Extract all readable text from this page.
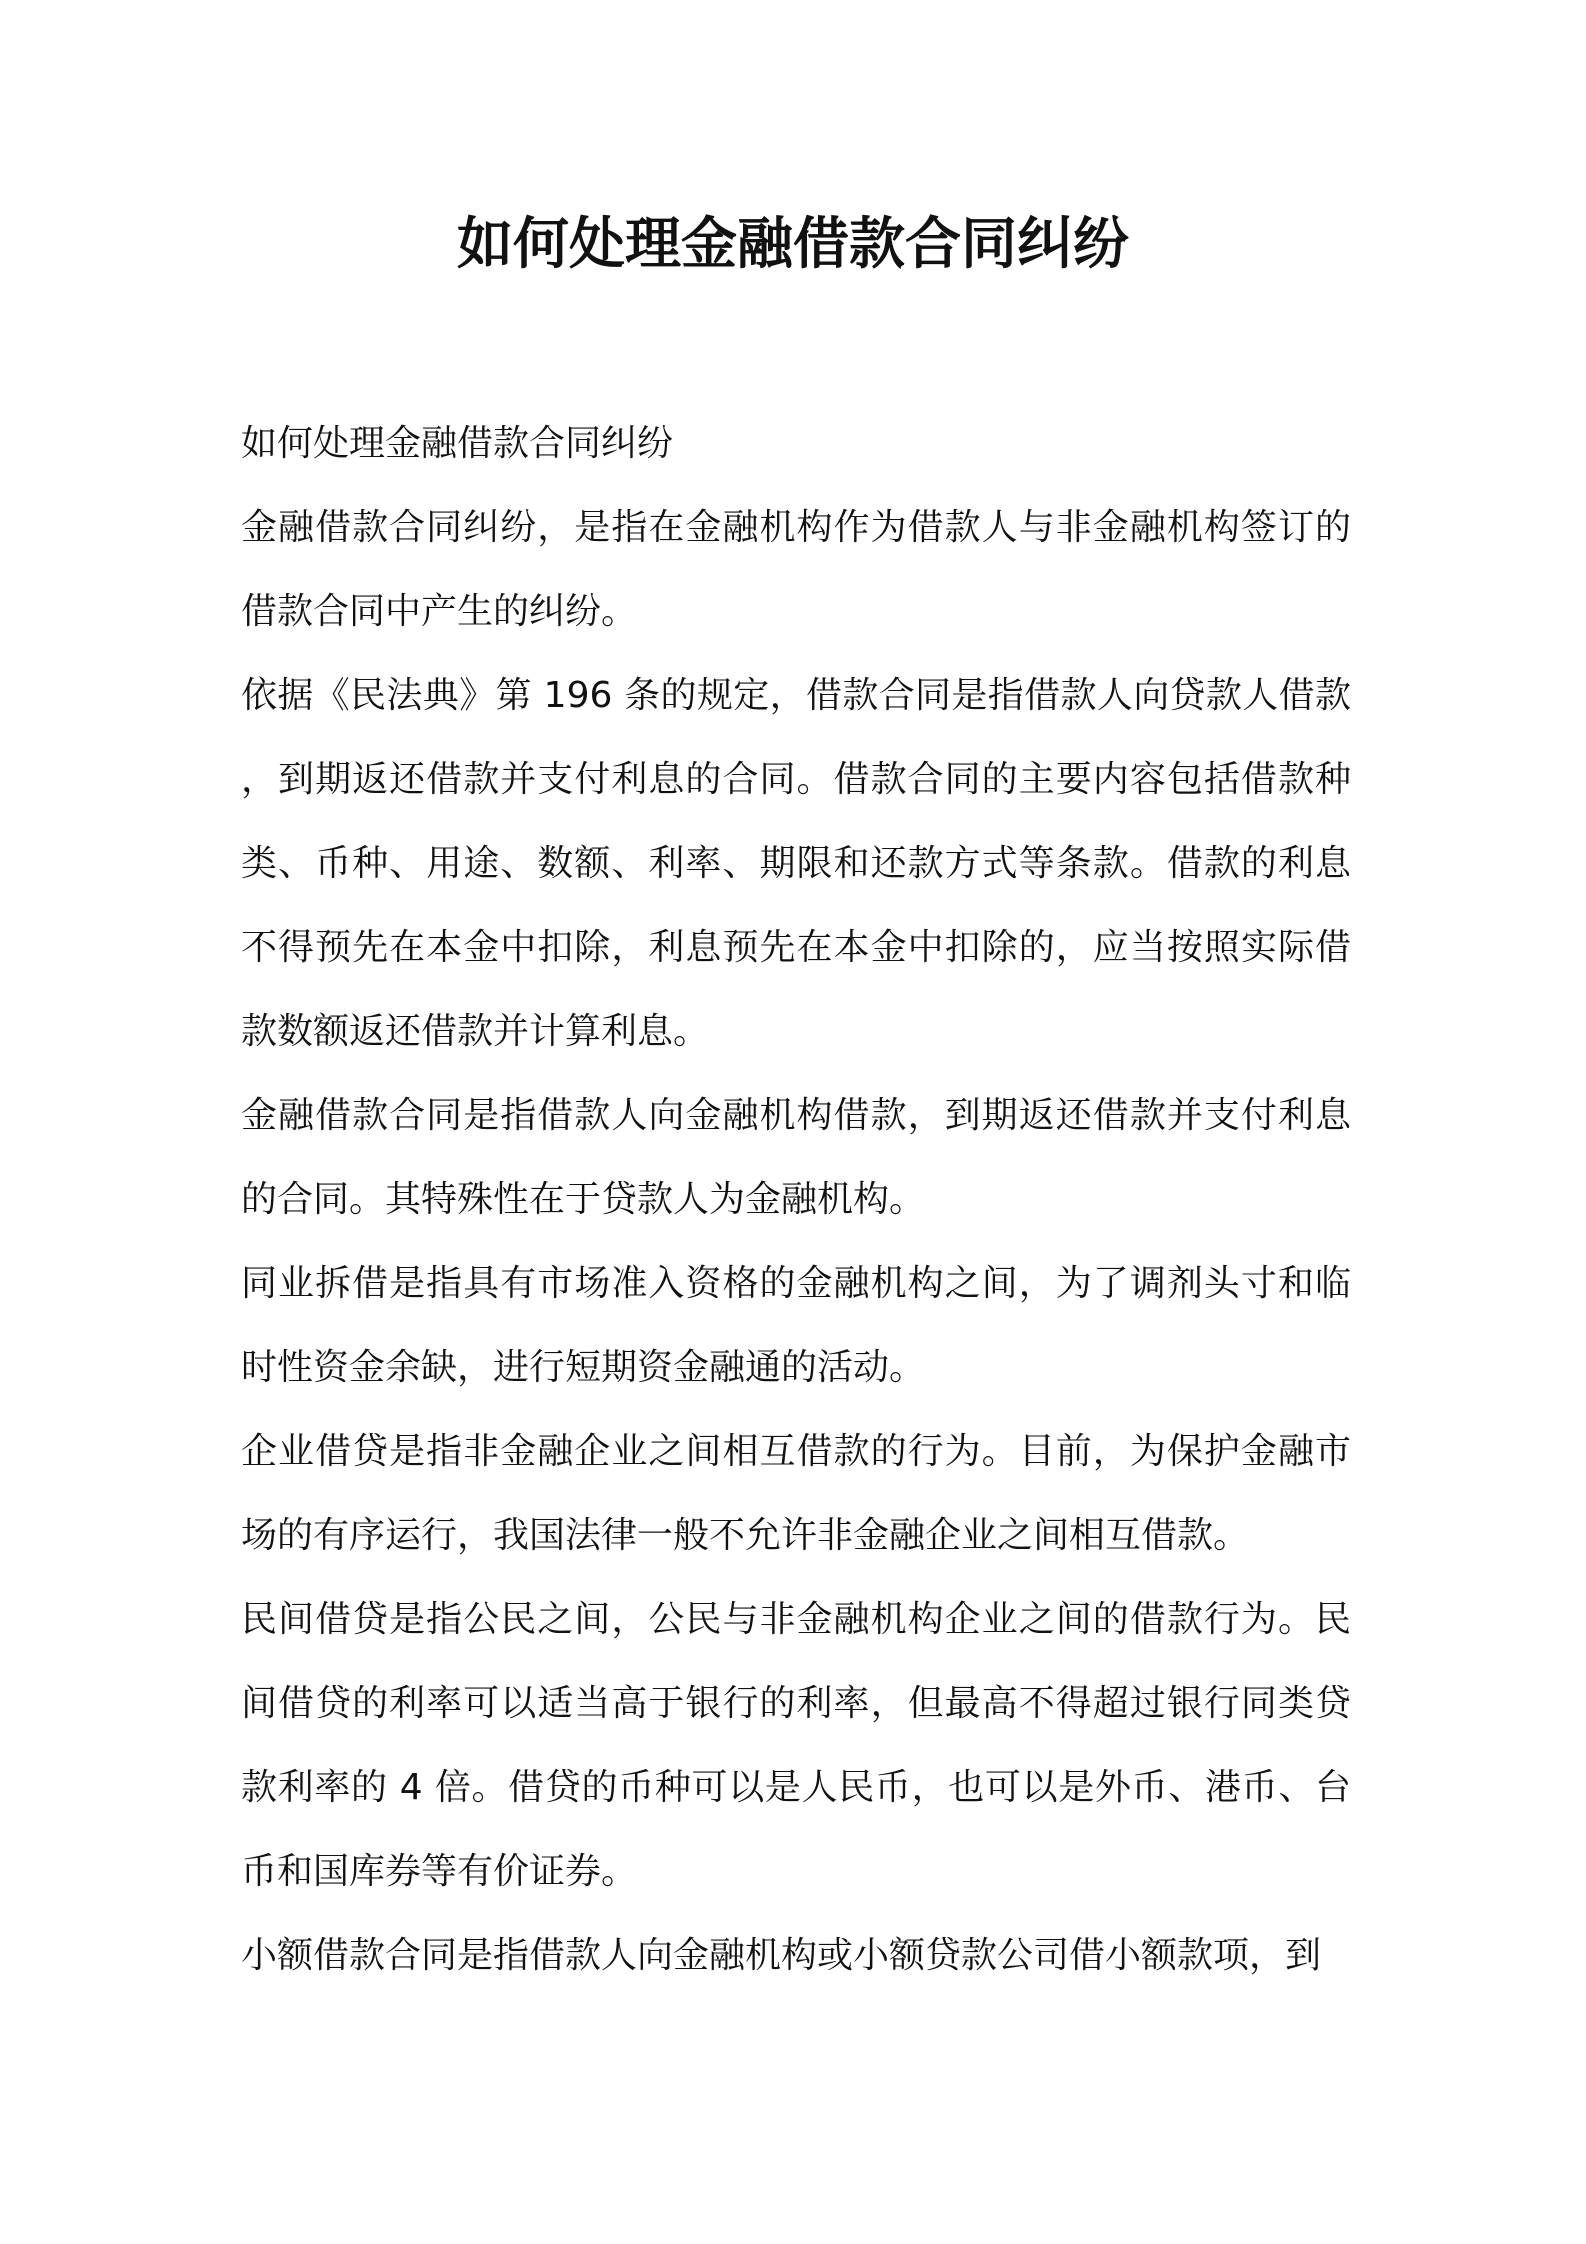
如何处理金融借款合同纠纷

如何处理金融借款合同纠纷

金融借款合同纠纷，是指在金融机构作为借款人与非金融机构签订的借款合同中产生的纠纷。

依据《民法典》第 196 条的规定，借款合同是指借款人向贷款人借款，到期返还借款并支付利息的合同。借款合同的主要内容包括借款种类、币种、用途、数额、利率、期限和还款方式等条款。借款的利息不得预先在本金中扣除，利息预先在本金中扣除的，应当按照实际借款数额返还借款并计算利息。

金融借款合同是指借款人向金融机构借款，到期返还借款并支付利息的合同。其特殊性在于贷款人为金融机构。

同业拆借是指具有市场准入资格的金融机构之间，为了调剂头寸和临时性资金余缺，进行短期资金融通的活动。

企业借贷是指非金融企业之间相互借款的行为。目前，为保护金融市场的有序运行，我国法律一般不允许非金融企业之间相互借款。

民间借贷是指公民之间，公民与非金融机构企业之间的借款行为。民间借贷的利率可以适当高于银行的利率，但最高不得超过银行同类贷款利率的 4 倍。借贷的币种可以是人民币，也可以是外币、港币、台币和国库券等有价证券。

小额借款合同是指借款人向金融机构或小额贷款公司借小额款项，到
